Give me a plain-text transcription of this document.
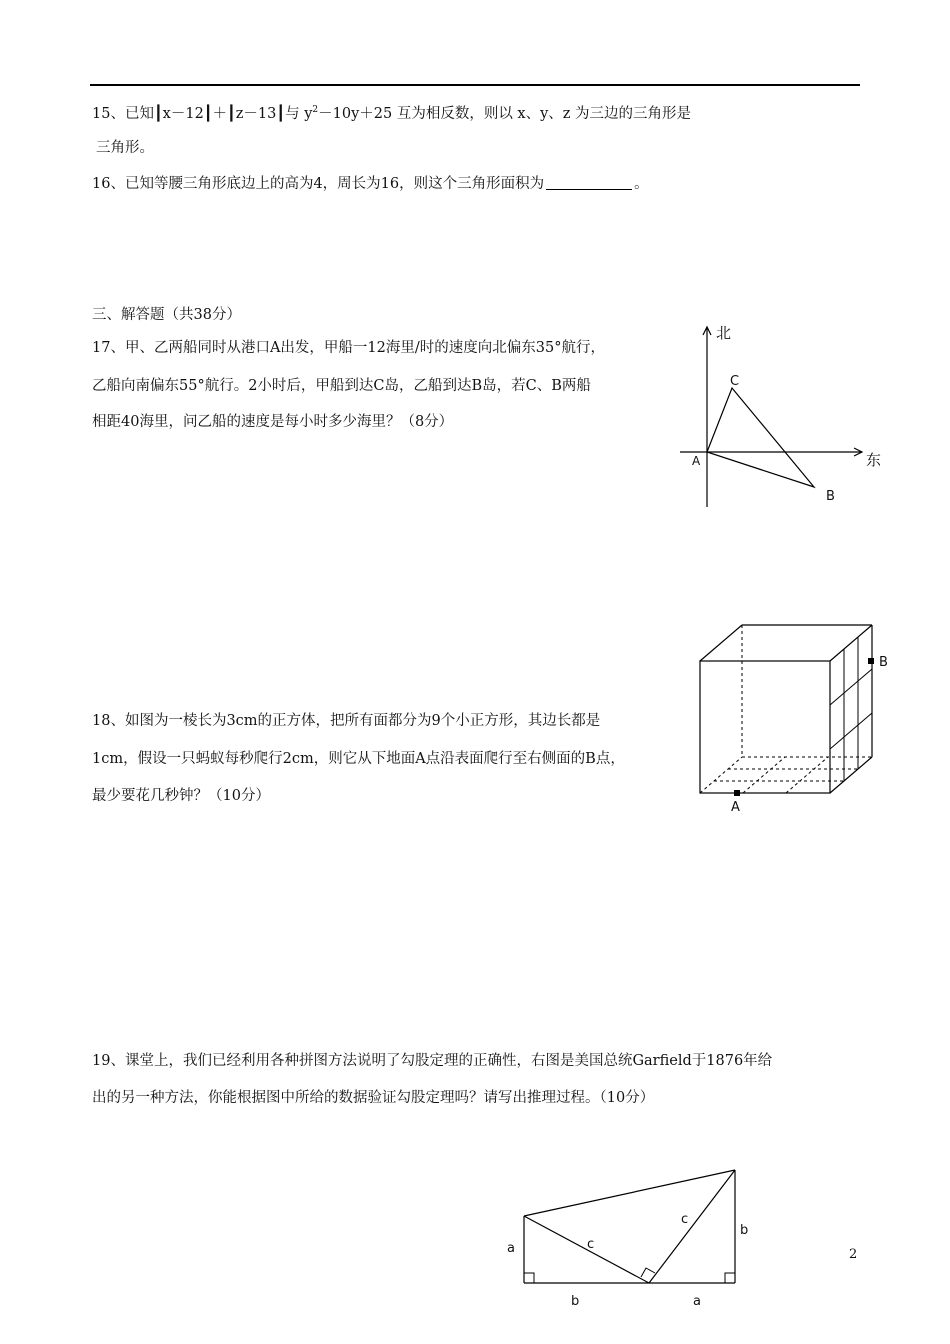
15、已知┃x－12┃＋┃z－13┃与 $y^2-10y+25$ 互为相反数，则以 x、y、z 为三边的三角形是
三角形。
16、已知等腰三角形底边上的高为4，周长为16，则这个三角形面积为	。
三、解答题（共38分）
17、甲、乙两船同时从港口A出发，甲船一12海里/时的速度向北偏东35°航行，
乙船向南偏东55°航行。2小时后，甲船到达C岛，乙船到达B岛，若C、B两船
相距40海里，问乙船的速度是每小时多少海里？（8分）
北
东
A
B
C
18、如图为一棱长为3cm的正方体，把所有面都分为9个小正方形，其边长都是
1cm，假设一只蚂蚁每秒爬行2cm，则它从下地面A点沿表面爬行至右侧面的B点，
最少要花几秒钟？（10分）
B
A
19、课堂上，我们已经利用各种拼图方法说明了勾股定理的正确性，右图是美国总统Garfield于1876年给
出的另一种方法，你能根据图中所给的数据验证勾股定理吗？请写出推理过程。（10分）
a
b
b	a
c
c
2
